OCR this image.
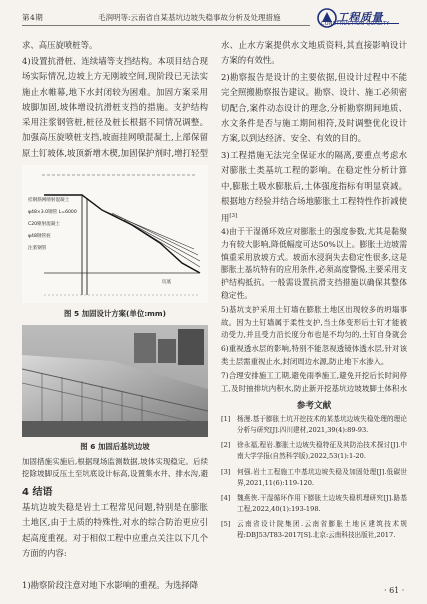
第4期	毛润明等:云南省自某基坑边坡失稳事故分析及处理措施	工程质量
CONSTRUCTION QUALITY

求、高压旋喷桩等。

4)设置抗滑桩、连续墙等支挡结构。本项目结合现场实际情况,边坡上方无刚坡空间,现阶段已无法实施止水帷幕,地下水封闭较为困难。加固方案采用坡脚加固,坡体增设抗滑桩支挡的措施。支护结构采用注浆钢管桩,桩径及桩长根据不同情况调整。加强高压旋喷桩支挡,坡面挂网喷混凝土,上部保留原土钉坡体,坡顶新增木楔,加固保护剂时,增打轻型

挂钢筋网喷射混凝土
φ48×3.0钢管 L=6000
C20喷射混凝土
φ48钢管桩
注浆钢管
坑底
图 5 加固设计方案(单位:mm)
图 6 加固后基坑边坡

加固措施实施后,根据现场监测数据,坡体实现稳定。后续挖除坡脚反压土至坑底设计标高,设置集水井、排水沟,避

4 结语

基坑边坡失稳是岩土工程常见问题,特别是在膨胀土地区,由于土质的特殊性,对水的综合防治更应引起高度重视。对于相似工程中应重点关注以下几个方面的内容:

1)勘察阶段注意对地下水影响的重视。为选择降

水、止水方案提供水文地质资料,其直接影响设计方案的有效性。

2)勘察报告是设计的主要依据,但设计过程中不能完全照搬勘察报告建议。勘察、设计、施工必须密切配合,案件动态设计的理念,分析勘察期间地质、水文条件是否与施工期间相符,及时调整优化设计方案,以到达经济、安全、有效的目的。

3)工程措施无法完全保证水的隔离,要重点考虑水对膨胀土类基坑工程的影响。在稳定性分析计算中,膨胀土吸水膨胀后,土体强度指标有明显衰减。根据地方经验并结合场地膨胀土工程特性作折减使用[3]

4)由于干湿循环效应对膨胀土的强度参数,尤其是黏聚力有较大影响,降低幅度可达50%以上。膨胀土边坡需慎重采用放坡方式。坡面水浸润失去稳定性很多,这是膨胀土基坑特有的应用条件,必须高度警惕,主要采用支护结构抵抗。一般需设置抗滑支挡措施以确保其整体稳定性。

5)基坑支护采用土钉墙在膨胀土地区出现较多的坍塌事故。因为土钉墙属于柔性支护,当土体变形后土钉才能被动受力,并且受力沿长度分布也是不均匀的,土钉自身就会

6)重视透水层的影响,特别不能忽视透镜体透水层,针对该类土层需重视止水,封闭周边水源,防止地下水渗入。

7)合理安排施工工期,避免雨季施工,避免开挖后长时间停工,及时抽排坑内积水,防止新开挖基坑边坡坡脚土体积水

参考文献
[1]	杨漫.基于膨胀土坑开挖技术的某基坑边坡失稳处理的理论分析与研究[J].四川建材,2021,39(4):89-93.
[2]	徐永福,程岩.膨胀土边坡失稳特征及其防治技术探讨[J].中南大学学报(自然科学版),2022,53(1):1-20.
[3]	何强.岩土工程施工中基坑边坡失稳及加固处理[J].低碳世界,2021,11(6):119-120.
[4]	魏燕侠.干湿循环作用下膨胀土边坡失稳机理研究[J].路基工程,2022,40(1):193-198.
[5]	云南省设计院集团.云南省膨胀土地区建筑技术规程:DBJ53/T83-2017[S].北京:云南科技出版社,2017.
· 61 ·
